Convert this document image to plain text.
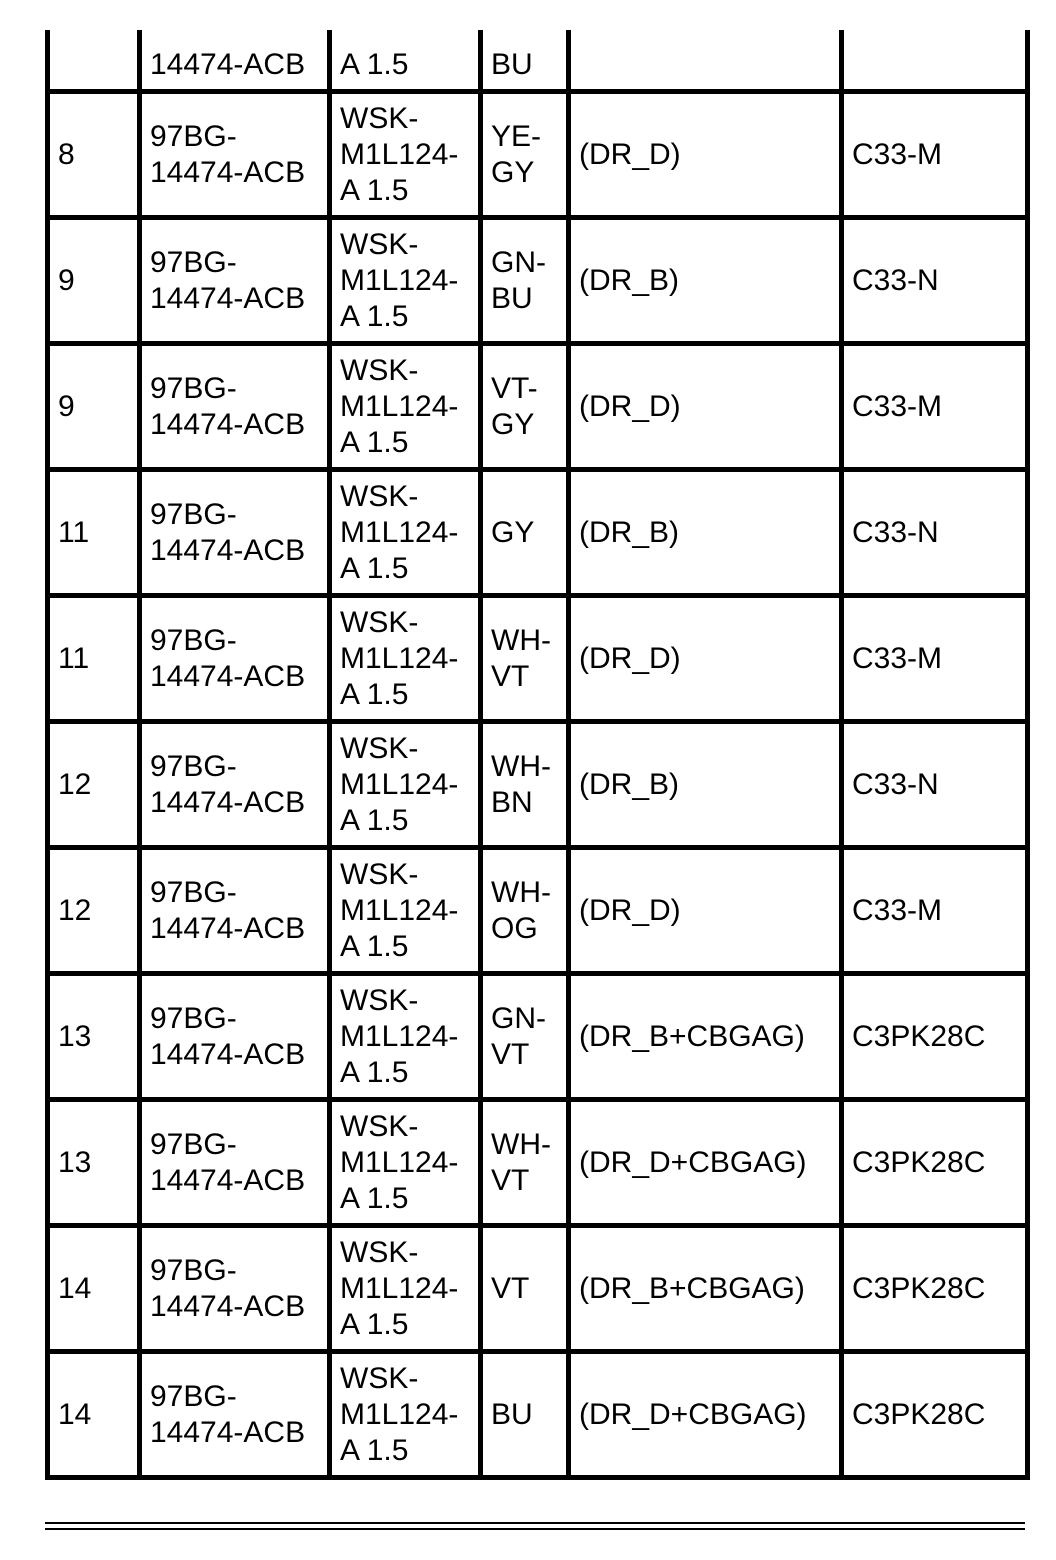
	14474-ACB	A 1.5	BU		
8	97BG-
14474-ACB	WSK-
M1L124-
A 1.5	YE-
GY	(DR_D)	C33-M
9	97BG-
14474-ACB	WSK-
M1L124-
A 1.5	GN-
BU	(DR_B)	C33-N
9	97BG-
14474-ACB	WSK-
M1L124-
A 1.5	VT-
GY	(DR_D)	C33-M
11	97BG-
14474-ACB	WSK-
M1L124-
A 1.5	GY	(DR_B)	C33-N
11	97BG-
14474-ACB	WSK-
M1L124-
A 1.5	WH-
VT	(DR_D)	C33-M
12	97BG-
14474-ACB	WSK-
M1L124-
A 1.5	WH-
BN	(DR_B)	C33-N
12	97BG-
14474-ACB	WSK-
M1L124-
A 1.5	WH-
OG	(DR_D)	C33-M
13	97BG-
14474-ACB	WSK-
M1L124-
A 1.5	GN-
VT	(DR_B+CBGAG)	C3PK28C
13	97BG-
14474-ACB	WSK-
M1L124-
A 1.5	WH-
VT	(DR_D+CBGAG)	C3PK28C
14	97BG-
14474-ACB	WSK-
M1L124-
A 1.5	VT	(DR_B+CBGAG)	C3PK28C
14	97BG-
14474-ACB	WSK-
M1L124-
A 1.5	BU	(DR_D+CBGAG)	C3PK28C
